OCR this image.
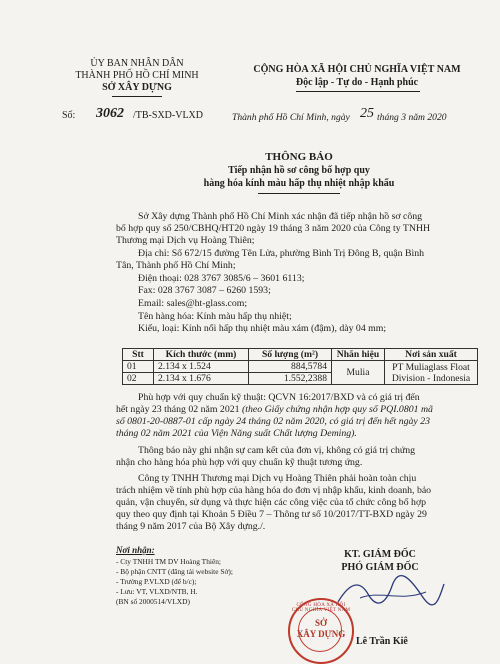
ỦY BAN NHÂN DÂN
THÀNH PHỐ HỒ CHÍ MINH
SỞ XÂY DỰNG
Số: 3062 /TB-SXD-VLXD
CỘNG HÒA XÃ HỘI CHỦ NGHĨA VIỆT NAM
Độc lập - Tự do - Hạnh phúc
Thành phố Hồ Chí Minh, ngày 25 tháng 3 năm 2020
THÔNG BÁO
Tiếp nhận hồ sơ công bố hợp quy
hàng hóa kính màu hấp thụ nhiệt nhập khẩu
Sở Xây dựng Thành phố Hồ Chí Minh xác nhận đã tiếp nhận hồ sơ công
bố hợp quy số 250/CBHQ/HT20 ngày 19 tháng 3 năm 2020 của Công ty TNHH
Thương mại Dịch vụ Hoàng Thiên;
Địa chỉ: Số 672/15 đường Tên Lửa, phường Bình Trị Đông B, quận Bình
Tân, Thành phố Hồ Chí Minh;
Điện thoại: 028 3767 3085/6 – 3601 6113;
Fax: 028 3767 3087 – 6260 1593;
Email: sales@ht-glass.com;
Tên hàng hóa: Kính màu hấp thụ nhiệt;
Kiểu, loại: Kính nổi hấp thụ nhiệt màu xám (đậm), dày 04 mm;
Stt	Kích thước (mm)	Số lượng (m²)	Nhãn hiệu	Nơi sản xuất
01	2.134 x 1.524	884,5784	Mulia	PT Muliaglass Float
Division - Indonesia

02	2.134 x 1.676	1.552,2388		
Phù hợp với quy chuẩn kỹ thuật: QCVN 16:2017/BXD và có giá trị đến
hết ngày 23 tháng 02 năm 2021 (theo Giấy chứng nhận hợp quy số PQI.0801 mã
số 0801-20-0887-01 cấp ngày 24 tháng 02 năm 2020, có giá trị đến hết ngày 23
tháng 02 năm 2021 của Viện Năng suất Chất lượng Deming).
Thông báo này ghi nhận sự cam kết của đơn vị, không có giá trị chứng
nhận cho hàng hóa phù hợp với quy chuẩn kỹ thuật tương ứng.
Công ty TNHH Thương mại Dịch vụ Hoàng Thiên phải hoàn toàn chịu
trách nhiệm về tính phù hợp của hàng hóa do đơn vị nhập khẩu, kinh doanh, bảo
quản, vận chuyển, sử dụng và thực hiện các công việc của tổ chức công bố hợp
quy theo quy định tại Khoản 5 Điều 7 – Thông tư số 10/2017/TT-BXD ngày 29
tháng 9 năm 2017 của Bộ Xây dựng./.
Nơi nhận:
- Cty TNHH TM DV Hoàng Thiên;
- Bộ phận CNTT (đăng tải website Sở);
- Trường P.VLXD (để b/c);
- Lưu: VT, VLXD/NTB, H.
(BN số 2000514/VLXD)
KT. GIÁM ĐỐC
PHÓ GIÁM ĐỐC
CỘNG HÒA XÃ HỘI CHỦ NGHĨA VIỆT NAM
SỞ
XÂY DỰNG
Lê Trần Kiê
